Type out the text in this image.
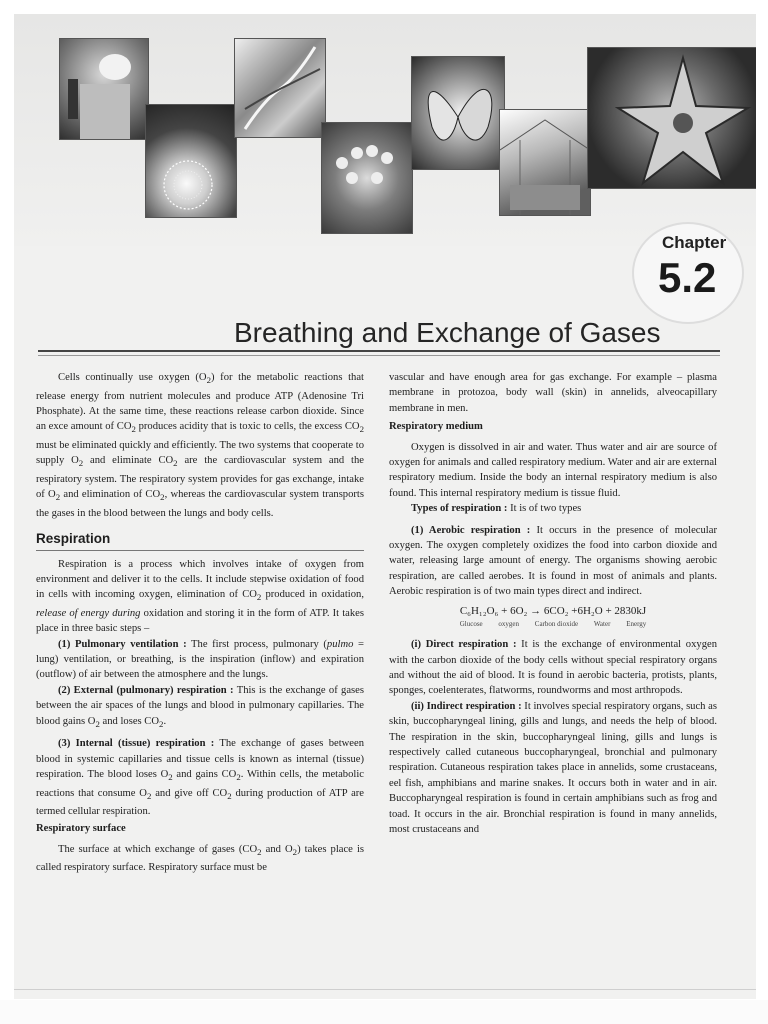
Chapter
5.2
Breathing and Exchange of Gases

Cells continually use oxygen $(O_2)$ for the metabolic reactions that release energy from nutrient molecules and produce ATP (Adenosine Tri Phosphate). At the same time, these reactions release carbon dioxide. Since an exce amount of $CO_2$ produces acidity that is toxic to cells, the excess $CO_2$ must be eliminated quickly and efficiently. The two systems that cooperate to supply $O_2$ and eliminate $CO_2$ are the cardiovascular system and the respiratory system. The respiratory system provides for gas exchange, intake of $O_2$ and elimination of $CO_2$, whereas the cardiovascular system transports the gases in the blood between the lungs and body cells.

Respiration

Respiration is a process which involves intake of oxygen from environment and deliver it to the cells. It include stepwise oxidation of food in cells with incoming oxygen, elimination of $CO_2$ produced in oxidation, release of energy during oxidation and storing it in the form of ATP. It takes place in three basic steps –

(1) Pulmonary ventilation : The first process, pulmonary (pulmo = lung) ventilation, or breathing, is the inspiration (inflow) and expiration (outflow) of air between the atmosphere and the lungs.

(2) External (pulmonary) respiration : This is the exchange of gases between the air spaces of the lungs and blood in pulmonary capillaries. The blood gains $O_2$ and loses $CO_2$.

(3) Internal (tissue) respiration : The exchange of gases between blood in systemic capillaries and tissue cells is known as internal (tissue) respiration. The blood loses $O_2$ and gains $CO_2$. Within cells, the metabolic reactions that consume $O_2$ and give off $CO_2$ during production of ATP are termed cellular respiration.

Respiratory surface

The surface at which exchange of gases ($CO_2$ and $O_2$) takes place is called respiratory surface. Respiratory surface must be

vascular and have enough area for gas exchange. For example – plasma membrane in protozoa, body wall (skin) in annelids, alveocapillary membrane in men.

Respiratory medium

Oxygen is dissolved in air and water. Thus water and air are source of oxygen for animals and called respiratory medium. Water and air are external respiratory medium. Inside the body an internal respiratory medium is also found. This internal respiratory medium is tissue fluid.

Types of respiration : It is of two types

(1) Aerobic respiration : It occurs in the presence of molecular oxygen. The oxygen completely oxidizes the food into carbon dioxide and water, releasing large amount of energy. The organisms showing aerobic respiration, are called aerobes. It is found in most of animals and plants. Aerobic respiration is of two main types direct and indirect.

C₆H₁₂O₆ + 6O₂ → 6CO₂ +6H₂O + 2830kJ
Glucose oxygen Carbon dioxide Water Energy

(i) Direct respiration : It is the exchange of environmental oxygen with the carbon dioxide of the body cells without special respiratory organs and without the aid of blood. It is found in aerobic bacteria, protists, plants, sponges, coelenterates, flatworms, roundworms and most arthropods.

(ii) Indirect respiration : It involves special respiratory organs, such as skin, buccopharyngeal lining, gills and lungs, and needs the help of blood. The respiration in the skin, buccopharyngeal lining, gills and lungs is respectively called cutaneous buccopharyngeal, bronchial and pulmonary respiration. Cutaneous respiration takes place in annelids, some crustaceans, eel fish, amphibians and marine snakes. It occurs both in water and in air. Buccopharyngeal respiration is found in certain amphibians such as frog and toad. It occurs in the air. Bronchial respiration is found in many annelids, most crustaceans and
